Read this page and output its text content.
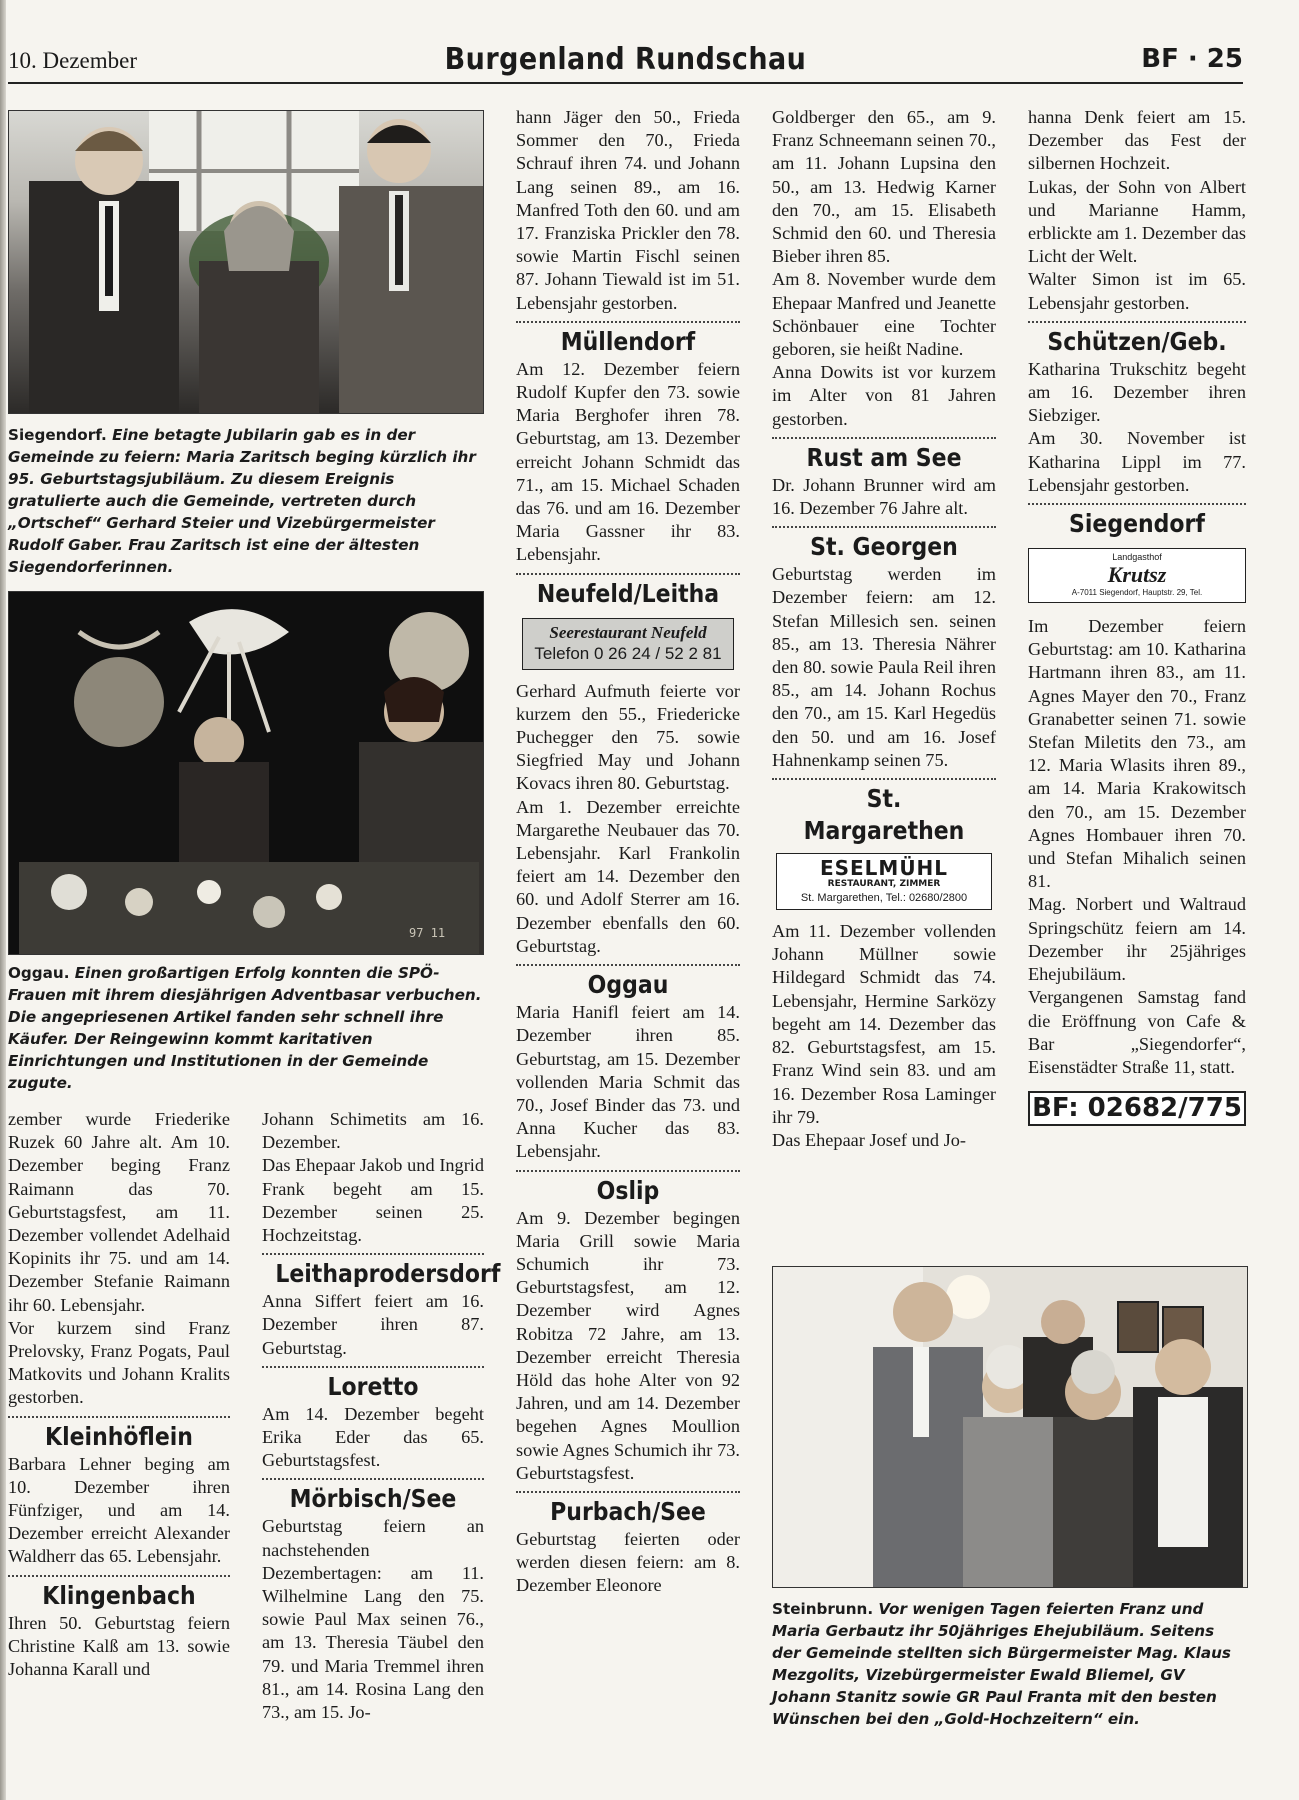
10. Dezember	Burgenland Rundschau	BF · 25
Siegendorf. Eine betagte Jubilarin gab es in der Gemeinde zu feiern: Maria Zaritsch beging kürzlich ihr 95. Geburtstagsjubiläum. Zu diesem Ereignis gratulierte auch die Gemeinde, vertreten durch „Ortschef“ Gerhard Steier und Vizebürgermeister Rudolf Gaber. Frau Zaritsch ist eine der ältesten Siegendorferinnen.
97 11
Oggau. Einen großartigen Erfolg konnten die SPÖ-Frauen mit ihrem diesjährigen Adventbasar verbuchen. Die angepriesenen Artikel fanden sehr schnell ihre Käufer. Der Reingewinn kommt karitativen Einrichtungen und Institutionen in der Gemeinde zugute.

zember wurde Friederike Ruzek 60 Jahre alt. Am 10. Dezember beging Franz Raimann das 70. Geburtstagsfest, am 11. Dezember vollendet Adelhaid Kopinits ihr 75. und am 14. Dezember Stefanie Raimann ihr 60. Lebensjahr.

Vor kurzem sind Franz Prelovsky, Franz Pogats, Paul Matkovits und Johann Kralits gestorben.

Kleinhöflein

Barbara Lehner beging am 10. Dezember ihren Fünfziger, und am 14. Dezember erreicht Alexander Waldherr das 65. Lebensjahr.

Klingenbach

Ihren 50. Geburtstag feiern Christine Kalß am 13. sowie Johanna Karall und

Johann Schimetits am 16. Dezember.

Das Ehepaar Jakob und Ingrid Frank begeht am 15. Dezember seinen 25. Hochzeitstag.

Leithaprodersdorf

Anna Siffert feiert am 16. Dezember ihren 87. Geburtstag.

Loretto

Am 14. Dezember begeht Erika Eder das 65. Geburtstagsfest.

Mörbisch/See

Geburtstag feiern an nachstehenden Dezembertagen: am 11. Wilhelmine Lang den 75. sowie Paul Max seinen 76., am 13. Theresia Täubel den 79. und Maria Tremmel ihren 81., am 14. Rosina Lang den 73., am 15. Jo-

hann Jäger den 50., Frieda Sommer den 70., Frieda Schrauf ihren 74. und Johann Lang seinen 89., am 16. Manfred Toth den 60. und am 17. Franziska Prickler den 78. sowie Martin Fischl seinen 87. Johann Tiewald ist im 51. Lebensjahr gestorben.

Müllendorf

Am 12. Dezember feiern Rudolf Kupfer den 73. sowie Maria Berghofer ihren 78. Geburtstag, am 13. Dezember erreicht Johann Schmidt das 71., am 15. Michael Schaden das 76. und am 16. Dezember Maria Gassner ihr 83. Lebensjahr.

Neufeld/Leitha
Seerestaurant Neufeld
Telefon 0 26 24 / 52 2 81

Gerhard Aufmuth feierte vor kurzem den 55., Friedericke Puchegger den 75. sowie Siegfried May und Johann Kovacs ihren 80. Geburtstag.

Am 1. Dezember erreichte Margarethe Neubauer das 70. Lebensjahr. Karl Frankolin feiert am 14. Dezember den 60. und Adolf Sterrer am 16. Dezember ebenfalls den 60. Geburtstag.

Oggau

Maria Hanifl feiert am 14. Dezember ihren 85. Geburtstag, am 15. Dezember vollenden Maria Schmit das 70., Josef Binder das 73. und Anna Kucher das 83. Lebensjahr.

Oslip

Am 9. Dezember begingen Maria Grill sowie Maria Schumich ihr 73. Geburtstagsfest, am 12. Dezember wird Agnes Robitza 72 Jahre, am 13. Dezember erreicht Theresia Höld das hohe Alter von 92 Jahren, und am 14. Dezember begehen Agnes Moullion sowie Agnes Schumich ihr 73. Geburtstagsfest.

Purbach/See

Geburtstag feierten oder werden diesen feiern: am 8. Dezember Eleonore

Goldberger den 65., am 9. Franz Schneemann seinen 70., am 11. Johann Lupsina den 50., am 13. Hedwig Karner den 70., am 15. Elisabeth Schmid den 60. und Theresia Bieber ihren 85.

Am 8. November wurde dem Ehepaar Manfred und Jeanette Schönbauer eine Tochter geboren, sie heißt Nadine.

Anna Dowits ist vor kurzem im Alter von 81 Jahren gestorben.

Rust am See

Dr. Johann Brunner wird am 16. Dezember 76 Jahre alt.

St. Georgen

Geburtstag werden im Dezember feiern: am 12. Stefan Millesich sen. seinen 85., am 13. Theresia Nährer den 80. sowie Paula Reil ihren 85., am 14. Johann Rochus den 70., am 15. Karl Hegedüs den 50. und am 16. Josef Hahnenkamp seinen 75.

St. Margarethen
ESELMÜHL
RESTAURANT, ZIMMER
St. Margarethen, Tel.: 02680/2800

Am 11. Dezember vollenden Johann Müllner sowie Hildegard Schmidt das 74. Lebensjahr, Hermine Sarközy begeht am 14. Dezember das 82. Geburtstagsfest, am 15. Franz Wind sein 83. und am 16. Dezember Rosa Laminger ihr 79.

Das Ehepaar Josef und Jo-

hanna Denk feiert am 15. Dezember das Fest der silbernen Hochzeit.

Lukas, der Sohn von Albert und Marianne Hamm, erblickte am 1. Dezember das Licht der Welt.

Walter Simon ist im 65. Lebensjahr gestorben.

Schützen/Geb.

Katharina Trukschitz begeht am 16. Dezember ihren Siebziger.

Am 30. November ist Katharina Lippl im 77. Lebensjahr gestorben.

Siegendorf
Landgasthof
Krutsz
A-7011 Siegendorf, Hauptstr. 29, Tel.

Im Dezember feiern Geburtstag: am 10. Katharina Hartmann ihren 83., am 11. Agnes Mayer den 70., Franz Granabetter seinen 71. sowie Stefan Miletits den 73., am 12. Maria Wlasits ihren 89., am 14. Maria Krakowitsch den 70., am 15. Dezember Agnes Hombauer ihren 70. und Stefan Mihalich seinen 81.

Mag. Norbert und Waltraud Springschütz feiern am 14. Dezember ihr 25jähriges Ehejubiläum.

Vergangenen Samstag fand die Eröffnung von Cafe & Bar „Siegendorfer“, Eisenstädter Straße 11, statt.

BF: 02682/775
Steinbrunn. Vor wenigen Tagen feierten Franz und Maria Gerbautz ihr 50jähriges Ehejubiläum. Seitens der Gemeinde stellten sich Bürgermeister Mag. Klaus Mezgolits, Vizebürgermeister Ewald Bliemel, GV Johann Stanitz sowie GR Paul Franta mit den besten Wünschen bei den „Gold-Hochzeitern“ ein.
